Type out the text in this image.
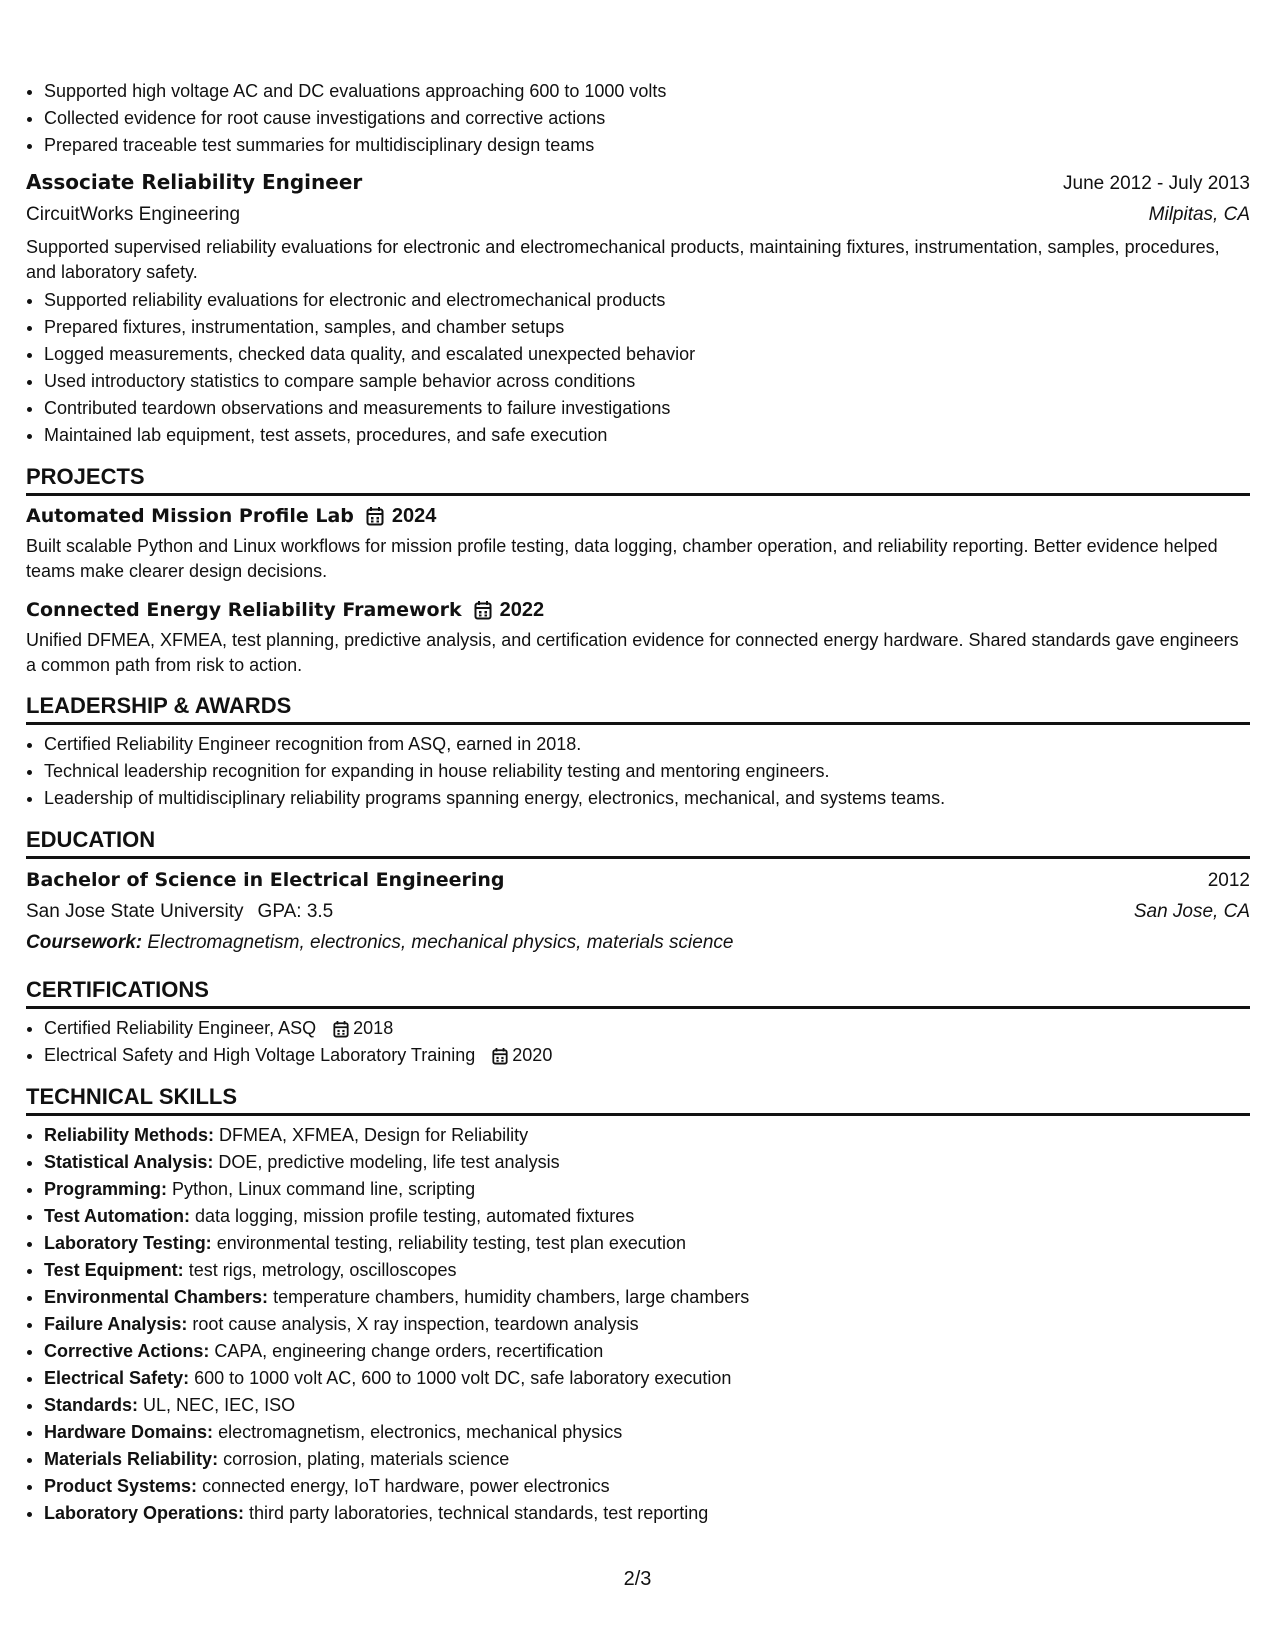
• Supported high voltage AC and DC evaluations approaching 600 to 1000 volts
• Collected evidence for root cause investigations and corrective actions
• Prepared traceable test summaries for multidisciplinary design teams
Associate Reliability Engineer	June 2012 - July 2013
CircuitWorks Engineering	Milpitas, CA
Supported supervised reliability evaluations for electronic and electromechanical products, maintaining fixtures, instrumentation, samples, procedures, and laboratory safety.
• Supported reliability evaluations for electronic and electromechanical products
• Prepared fixtures, instrumentation, samples, and chamber setups
• Logged measurements, checked data quality, and escalated unexpected behavior
• Used introductory statistics to compare sample behavior across conditions
• Contributed teardown observations and measurements to failure investigations
• Maintained lab equipment, test assets, procedures, and safe execution
PROJECTS
Automated Mission Profile Lab 2024
Built scalable Python and Linux workflows for mission profile testing, data logging, chamber operation, and reliability reporting. Better evidence helped teams make clearer design decisions.
Connected Energy Reliability Framework 2022
Unified DFMEA, XFMEA, test planning, predictive analysis, and certification evidence for connected energy hardware. Shared standards gave engineers a common path from risk to action.
LEADERSHIP & AWARDS
• Certified Reliability Engineer recognition from ASQ, earned in 2018.
• Technical leadership recognition for expanding in house reliability testing and mentoring engineers.
• Leadership of multidisciplinary reliability programs spanning energy, electronics, mechanical, and systems teams.
EDUCATION
Bachelor of Science in Electrical Engineering	2012
San Jose State University GPA: 3.5	San Jose, CA
Coursework: Electromagnetism, electronics, mechanical physics, materials science
CERTIFICATIONS
• Certified Reliability Engineer, ASQ 2018
• Electrical Safety and High Voltage Laboratory Training 2020
TECHNICAL SKILLS
• Reliability Methods: DFMEA, XFMEA, Design for Reliability
• Statistical Analysis: DOE, predictive modeling, life test analysis
• Programming: Python, Linux command line, scripting
• Test Automation: data logging, mission profile testing, automated fixtures
• Laboratory Testing: environmental testing, reliability testing, test plan execution
• Test Equipment: test rigs, metrology, oscilloscopes
• Environmental Chambers: temperature chambers, humidity chambers, large chambers
• Failure Analysis: root cause analysis, X ray inspection, teardown analysis
• Corrective Actions: CAPA, engineering change orders, recertification
• Electrical Safety: 600 to 1000 volt AC, 600 to 1000 volt DC, safe laboratory execution
• Standards: UL, NEC, IEC, ISO
• Hardware Domains: electromagnetism, electronics, mechanical physics
• Materials Reliability: corrosion, plating, materials science
• Product Systems: connected energy, IoT hardware, power electronics
• Laboratory Operations: third party laboratories, technical standards, test reporting
2/3
